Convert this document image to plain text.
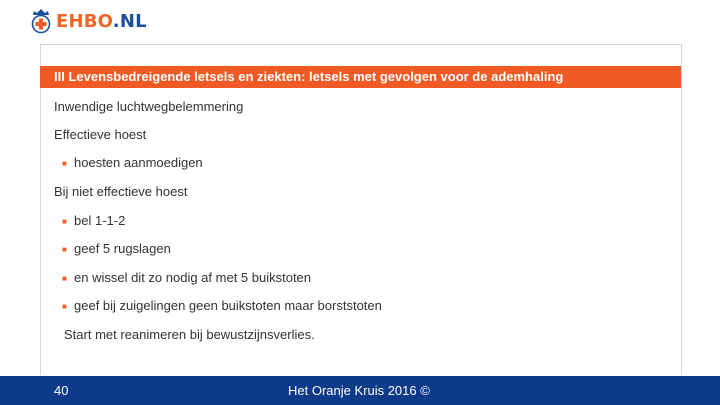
EHBO.NL
III Levensbedreigende letsels en ziekten: letsels met gevolgen voor de ademhaling
Inwendige luchtwegbelemmering
Effectieve hoest
■ hoesten aanmoedigen
Bij niet effectieve hoest
■ bel 1-1-2
■ geef 5 rugslagen
■ en wissel dit zo nodig af met 5 buikstoten
■ geef bij zuigelingen geen buikstoten maar borststoten
Start met reanimeren bij bewustzijnsverlies.
40	Het Oranje Kruis 2016 ©
